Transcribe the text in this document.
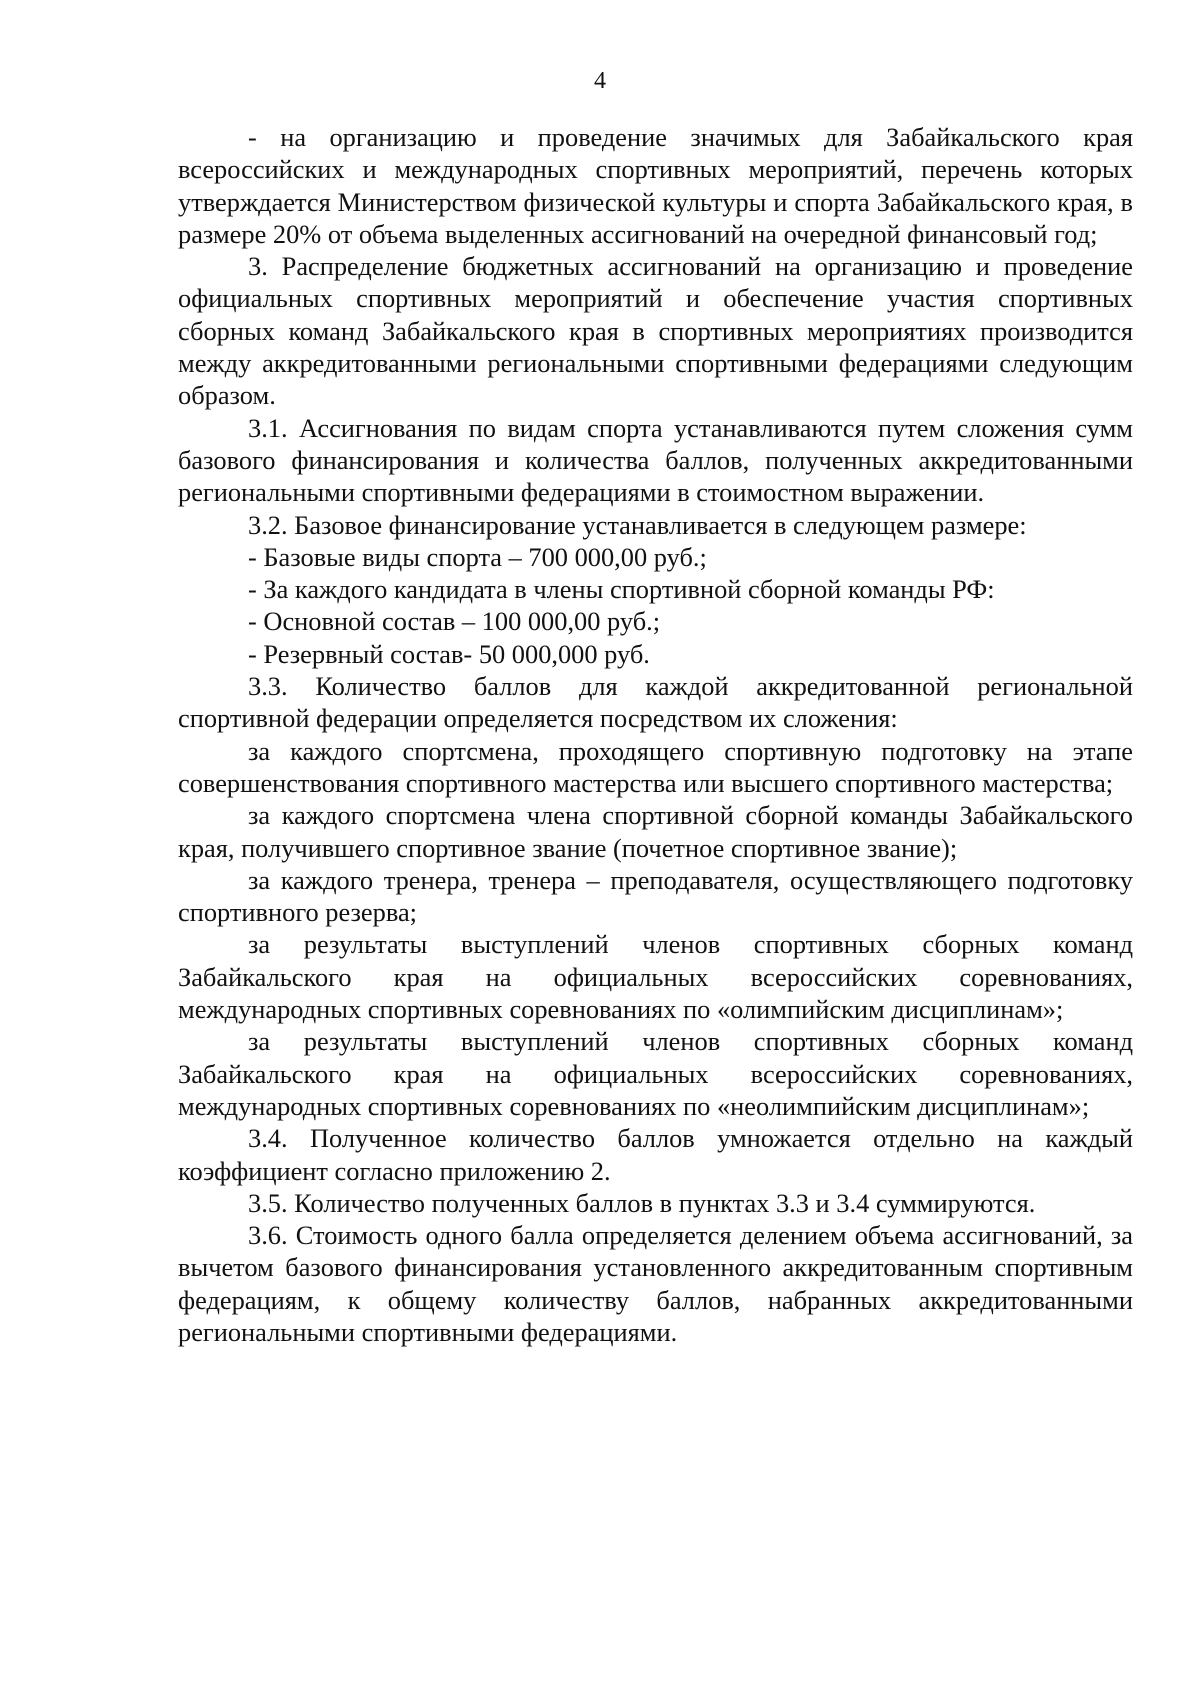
4

- на организацию и проведение значимых для Забайкальского края всероссийских и международных спортивных мероприятий, перечень которых утверждается Министерством физической культуры и спорта Забайкальского края, в размере 20% от объема выделенных ассигнований на очередной финансовый год;

3. Распределение бюджетных ассигнований на организацию и проведение официальных спортивных мероприятий и обеспечение участия спортивных сборных команд Забайкальского края в спортивных мероприятиях производится между аккредитованными региональными спортивными федерациями следующим образом.

3.1. Ассигнования по видам спорта устанавливаются путем сложения сумм базового финансирования и количества баллов, полученных аккредитованными региональными спортивными федерациями в стоимостном выражении.

3.2. Базовое финансирование устанавливается в следующем размере:

- Базовые виды спорта – 700 000,00 руб.;

- За каждого кандидата в члены спортивной сборной команды РФ:

- Основной состав – 100 000,00 руб.;

- Резервный состав- 50 000,000 руб.

3.3. Количество баллов для каждой аккредитованной региональной спортивной федерации определяется посредством их сложения:

за каждого спортсмена, проходящего спортивную подготовку на этапе совершенствования спортивного мастерства или высшего спортивного мастерства;

за каждого спортсмена члена спортивной сборной команды Забайкальского края, получившего спортивное звание (почетное спортивное звание);

за каждого тренера, тренера – преподавателя, осуществляющего подготовку спортивного резерва;

за результаты выступлений членов спортивных сборных команд Забайкальского края на официальных всероссийских соревнованиях, международных спортивных соревнованиях по «олимпийским дисциплинам»;

за результаты выступлений членов спортивных сборных команд Забайкальского края на официальных всероссийских соревнованиях, международных спортивных соревнованиях по «неолимпийским дисциплинам»;

3.4. Полученное количество баллов умножается отдельно на каждый коэффициент согласно приложению 2.

3.5. Количество полученных баллов в пунктах 3.3 и 3.4 суммируются.

3.6. Стоимость одного балла определяется делением объема ассигнований, за вычетом базового финансирования установленного аккредитованным спортивным федерациям, к общему количеству баллов, набранных аккредитованными региональными спортивными федерациями.
